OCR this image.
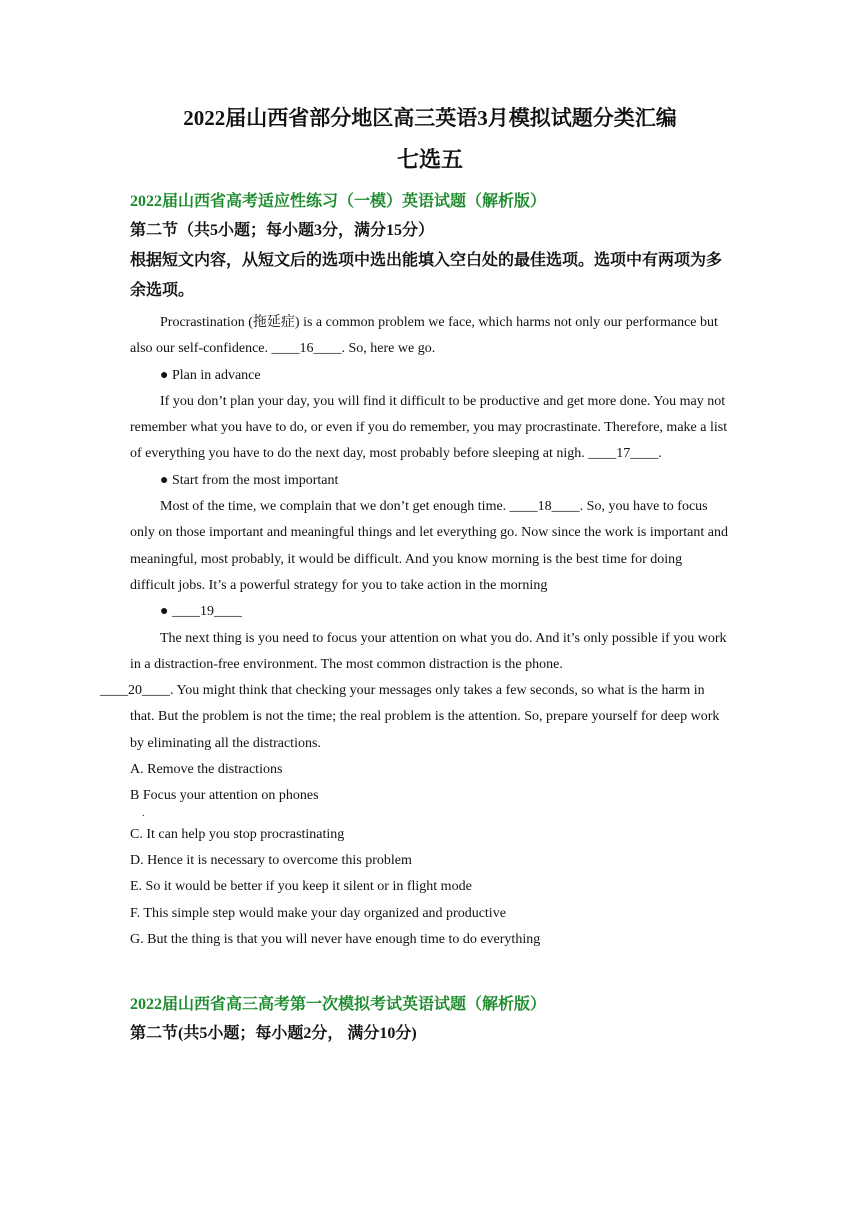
2022届山西省部分地区高三英语3月模拟试题分类汇编
七选五
2022届山西省高考适应性练习（一模）英语试题（解析版）
第二节（共5小题；每小题3分，满分15分）
根据短文内容，从短文后的选项中选出能填入空白处的最佳选项。选项中有两项为多余选项。

Procrastination (拖延症) is a common problem we face, which harms not only our performance but also our self-confidence. ____16____. So, here we go.

● Plan in advance

If you don’t plan your day, you will find it difficult to be productive and get more done. You may not remember what you have to do, or even if you do remember, you may procrastinate. Therefore, make a list of everything you have to do the next day, most probably before sleeping at nigh. ____17____.

● Start from the most important

Most of the time, we complain that we don’t get enough time. ____18____. So, you have to focus only on those important and meaningful things and let everything go. Now since the work is important and meaningful, most probably, it would be difficult. And you know morning is the best time for doing difficult jobs. It’s a powerful strategy for you to take action in the morning

● ____19____

The next thing is you need to focus your attention on what you do. And it’s only possible if you work in a distraction-free environment. The most common distraction is the phone.
____20____. You might think that checking your messages only takes a few seconds, so what is the harm in that. But the problem is not the time; the real problem is the attention. So, prepare yourself for deep work by eliminating all the distractions.

A. Remove the distractions

B Focus your attention on phones
.

C. It can help you stop procrastinating

D. Hence it is necessary to overcome this problem

E. So it would be better if you keep it silent or in flight mode

F. This simple step would make your day organized and productive

G. But the thing is that you will never have enough time to do everything

2022届山西省高三高考第一次模拟考试英语试题（解析版）
第二节(共5小题；每小题2分， 满分10分)
